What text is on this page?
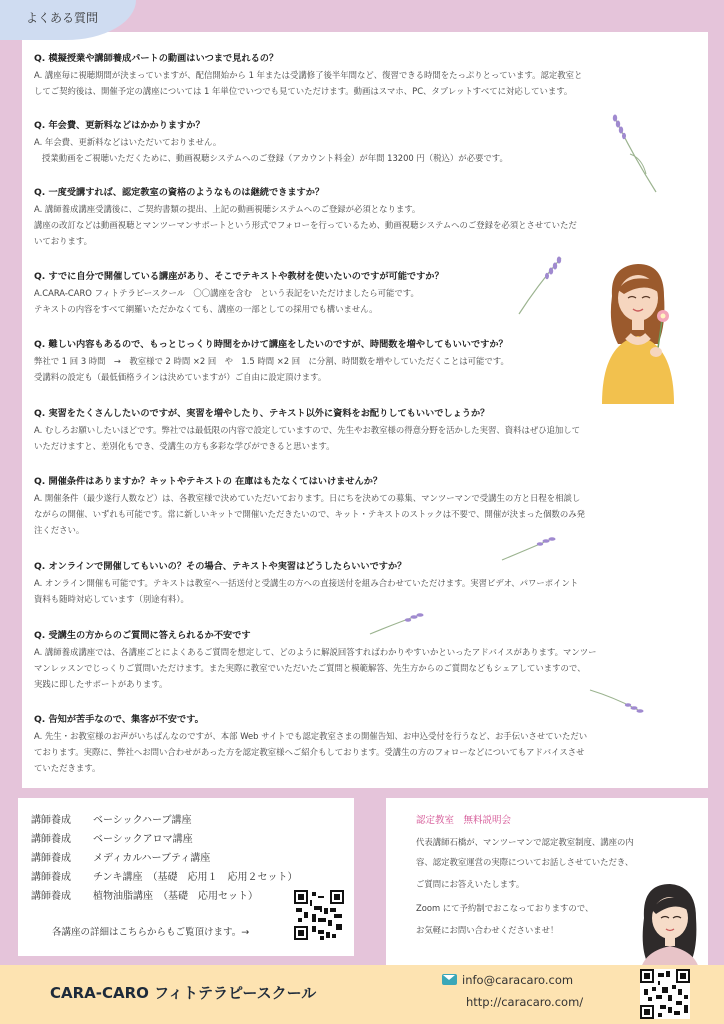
よくある質問
Q. 模擬授業や講師養成パートの動画はいつまで見れるの？
A. 講座毎に視聴期間が決まっていますが、配信開始から 1 年または受講修了後半年間など、復習できる時間をたっぷりとっています。認定教室と
してご契約後は、開催予定の講座については 1 年単位でいつでも見ていただけます。動画はスマホ、PC、タブレットすべてに対応しています。
Q. 年会費、更新料などはかかりますか？
A. 年会費、更新料などはいただいておりません。
授業動画をご視聴いただくために、動画視聴システムへのご登録（アカウント料金）が年間 13200 円（税込）が必要です。
Q. 一度受講すれば、認定教室の資格のようなものは継続できますか？
A. 講師養成講座受講後に、ご契約書類の提出、上記の動画視聴システムへのご登録が必須となります。
講座の改訂などは動画視聴とマンツーマンサポートという形式でフォローを行っているため、動画視聴システムへのご登録を必須とさせていただ
いております。
Q. すでに自分で開催している講座があり、そこでテキストや教材を使いたいのですが可能ですか？
A.CARA-CARO フィトテラピースクール　〇〇講座を含む　という表記をいただけましたら可能です。
テキストの内容をすべて網羅いただかなくても、講座の一部としての採用でも構いません。
Q. 難しい内容もあるので、もっとじっくり時間をかけて講座をしたいのですが、時間数を増やしてもいいですか？
弊社で 1 回 3 時間　→　教室様で 2 時間 ×2 回　や　1.5 時間 ×2 回　に分割、時間数を増やしていただくことは可能です。
受講料の設定も（最低価格ラインは決めていますが）ご自由に設定頂けます。
Q. 実習をたくさんしたいのですが、実習を増やしたり、テキスト以外に資料をお配りしてもいいでしょうか？
A. むしろお願いしたいほどです。弊社では最低限の内容で設定していますので、先生やお教室様の得意分野を活かした実習、資料はぜひ追加して
いただけますと、差別化もでき、受講生の方も多彩な学びができると思います。
Q. 開催条件はありますか？キットやテキストの 在庫はもたなくてはいけませんか？
A. 開催条件（最少遂行人数など）は、各教室様で決めていただいております。日にちを決めての募集、マンツーマンで受講生の方と日程を相談し
ながらの開催、いずれも可能です。常に新しいキットで開催いただきたいので、キット・テキストのストックは不要で、開催が決まった個数のみ発
注ください。
Q. オンラインで開催してもいいの？その場合、テキストや実習はどうしたらいいですか？
A. オンライン開催も可能です。テキストは教室へ一括送付と受講生の方への直接送付を組み合わせていただけます。実習ビデオ、パワーポイント
資料も随時対応しています（別途有料）。
Q. 受講生の方からのご質問に答えられるか不安です
A. 講師養成講座では、各講座ごとによくあるご質問を想定して、どのように解説回答すればわかりやすいかといったアドバイスがあります。マンツー
マンレッスンでじっくりご質問いただけます。また実際に教室でいただいたご質問と模範解答、先生方からのご質問などもシェアしていますので、
実践に即したサポートがあります。
Q. 告知が苦手なので、集客が不安です。
A. 先生・お教室様のお声がいちばんなのですが、本部 Web サイトでも認定教室さまの開催告知、お申込受付を行うなど、お手伝いさせていただい
ております。実際に、弊社へお問い合わせがあった方を認定教室様へご紹介もしております。受講生の方のフォローなどについてもアドバイスさせ
ていただきます。
講師養成 ベーシックハーブ講座
講師養成 ベーシックアロマ講座
講師養成 メディカルハーブティ講座
講師養成 チンキ講座　（基礎　応用１　応用２セット）
講師養成 植物油脂講座　（基礎　応用セット）
各講座の詳細はこちらからもご覧頂けます。→
認定教室　無料説明会
代表講師石橋が、マンツーマンで認定教室制度、講座の内
容、認定教室運営の実際についてお話しさせていただき、
ご質問にお答えいたします。
Zoom にて予約制でおこなっておりますので、
お気軽にお問い合わせくださいませ！
CARA-CARO フィトテラピースクール
info@caracaro.com
http://caracaro.com/
